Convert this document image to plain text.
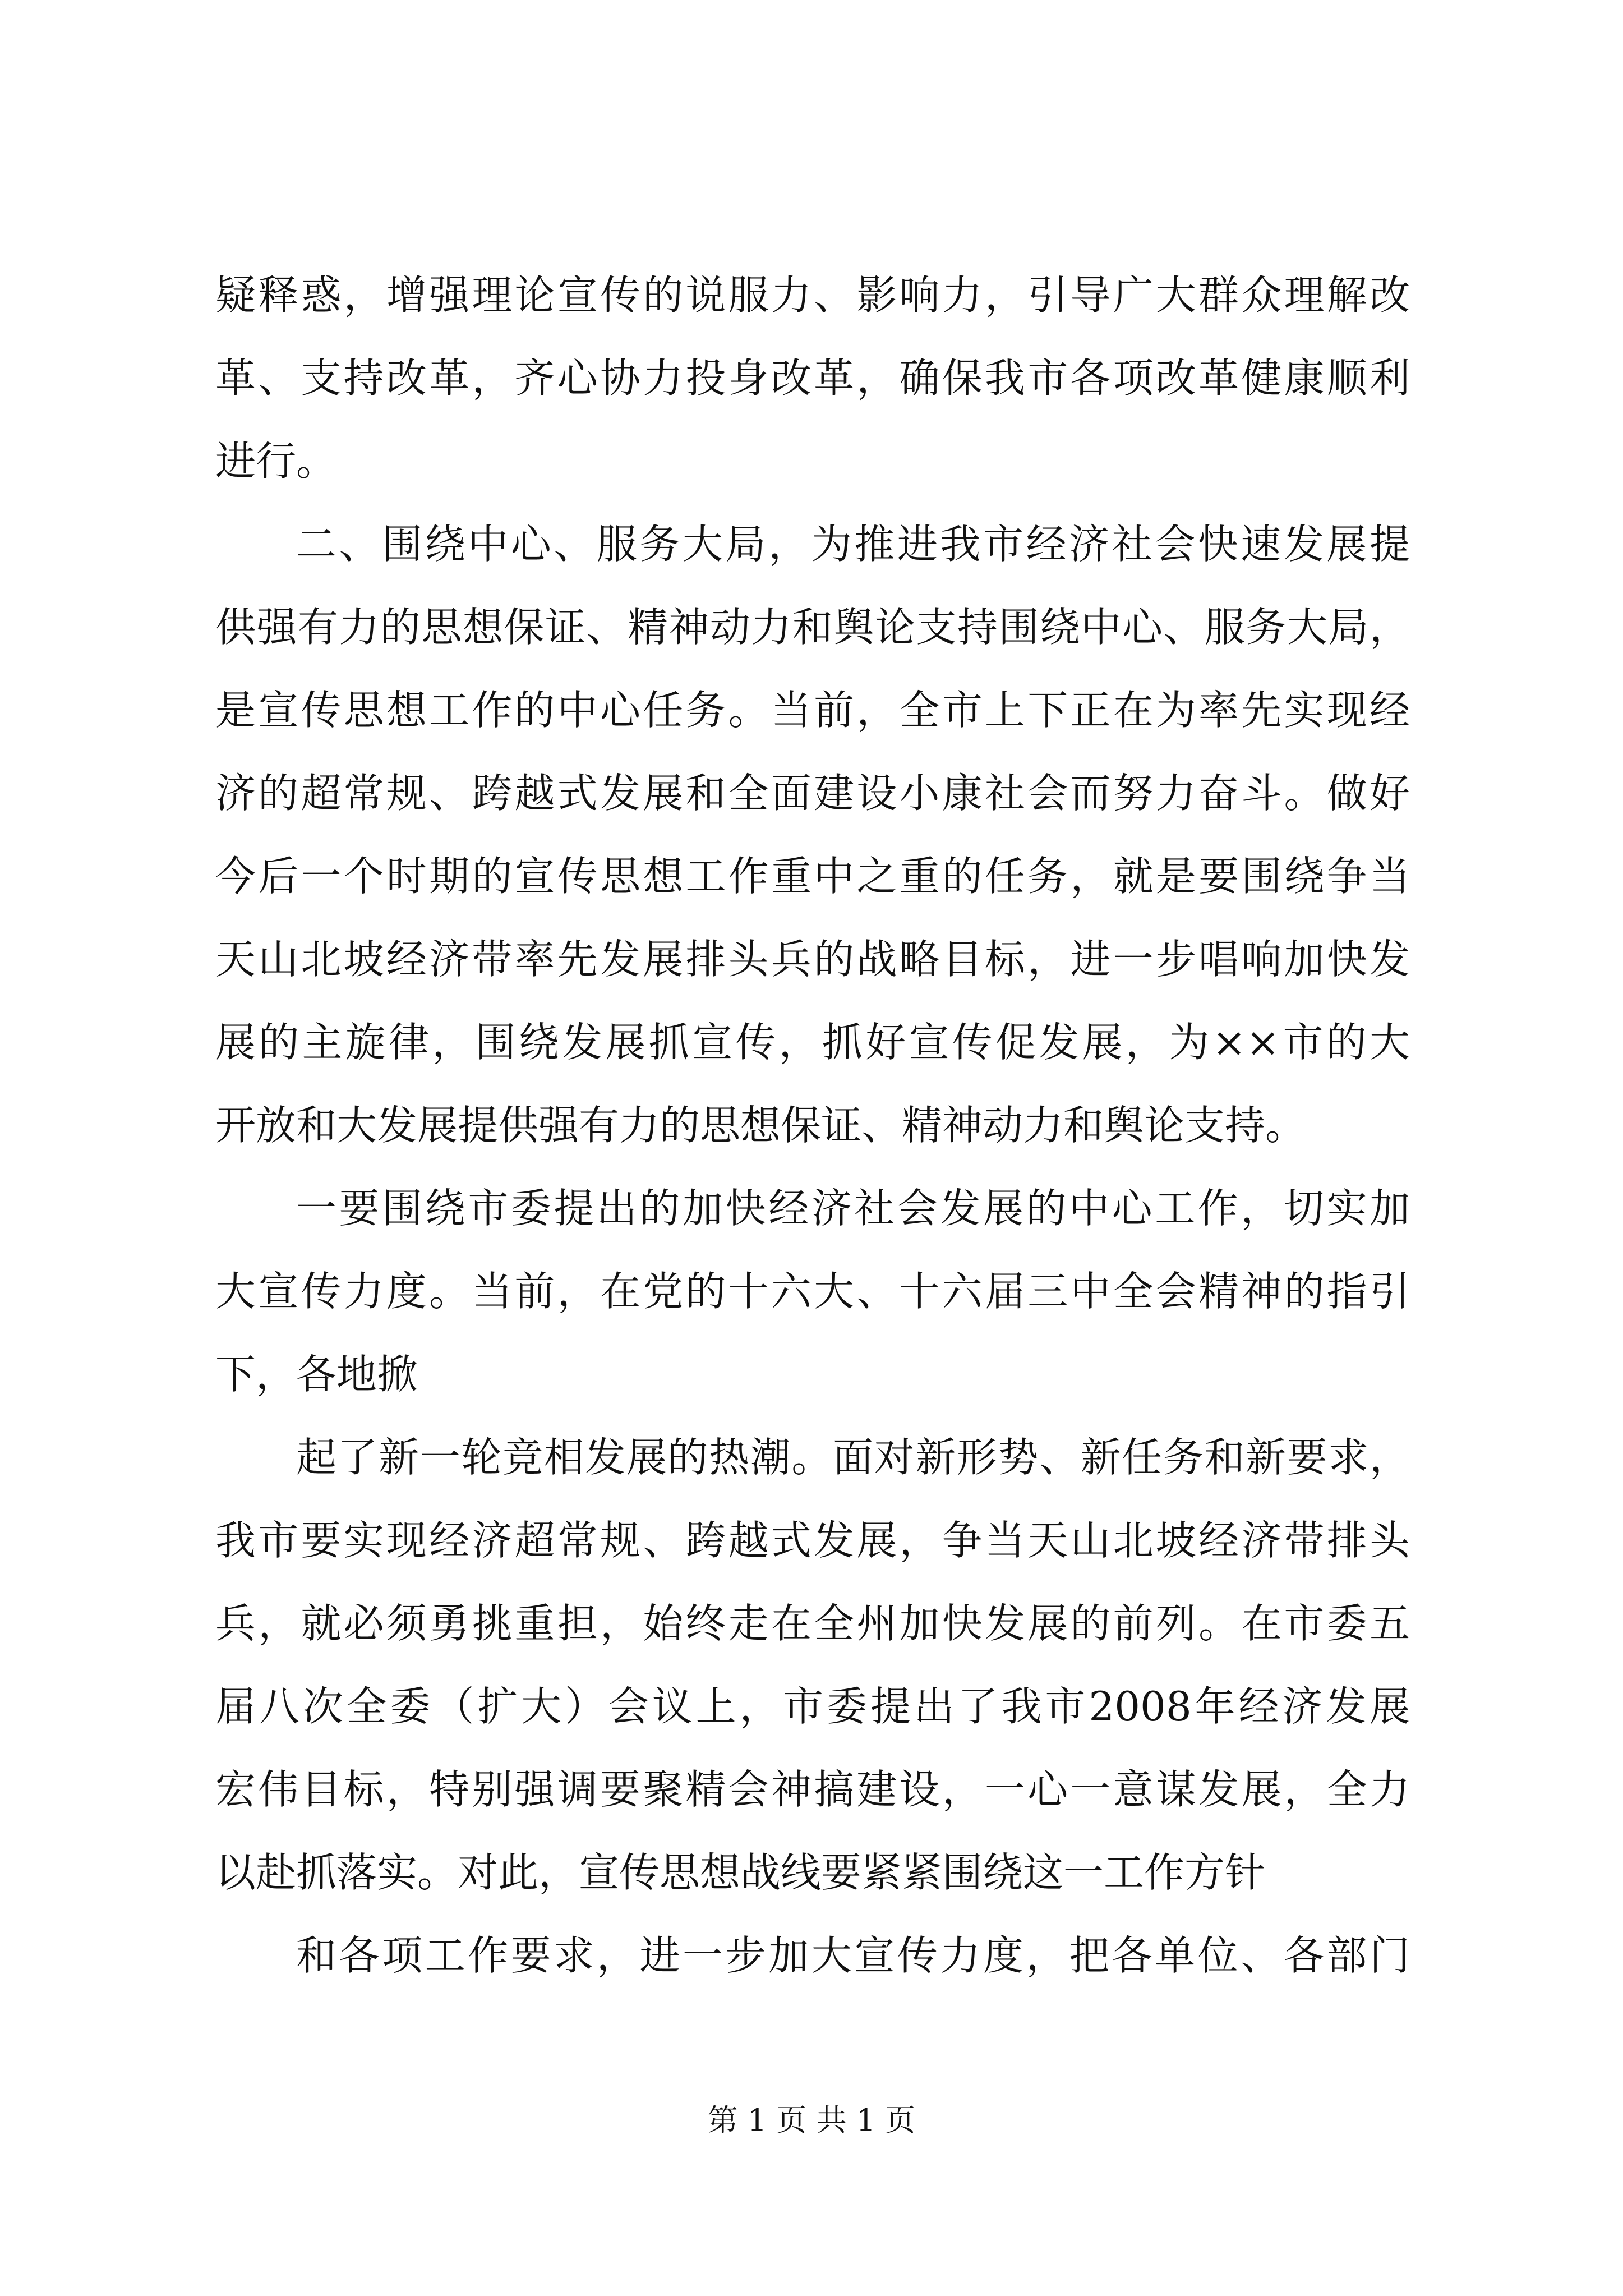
疑释惑，增强理论宣传的说服力、影响力，引导广大群众理解改
革、支持改革，齐心协力投身改革，确保我市各项改革健康顺利
进行。
二、围绕中心、服务大局，为推进我市经济社会快速发展提
供强有力的思想保证、精神动力和舆论支持围绕中心、服务大局，
是宣传思想工作的中心任务。当前，全市上下正在为率先实现经
济的超常规、跨越式发展和全面建设小康社会而努力奋斗。做好
今后一个时期的宣传思想工作重中之重的任务，就是要围绕争当
天山北坡经济带率先发展排头兵的战略目标，进一步唱响加快发
展的主旋律，围绕发展抓宣传，抓好宣传促发展，为××市的大
开放和大发展提供强有力的思想保证、精神动力和舆论支持。
一要围绕市委提出的加快经济社会发展的中心工作，切实加
大宣传力度。当前，在党的十六大、十六届三中全会精神的指引
下，各地掀
起了新一轮竞相发展的热潮。面对新形势、新任务和新要求，
我市要实现经济超常规、跨越式发展，争当天山北坡经济带排头
兵，就必须勇挑重担，始终走在全州加快发展的前列。在市委五
届八次全委（扩大）会议上，市委提出了我市2008年经济发展
宏伟目标，特别强调要聚精会神搞建设，一心一意谋发展，全力
以赴抓落实。对此，宣传思想战线要紧紧围绕这一工作方针
和各项工作要求，进一步加大宣传力度，把各单位、各部门
第 1 页 共 1 页
